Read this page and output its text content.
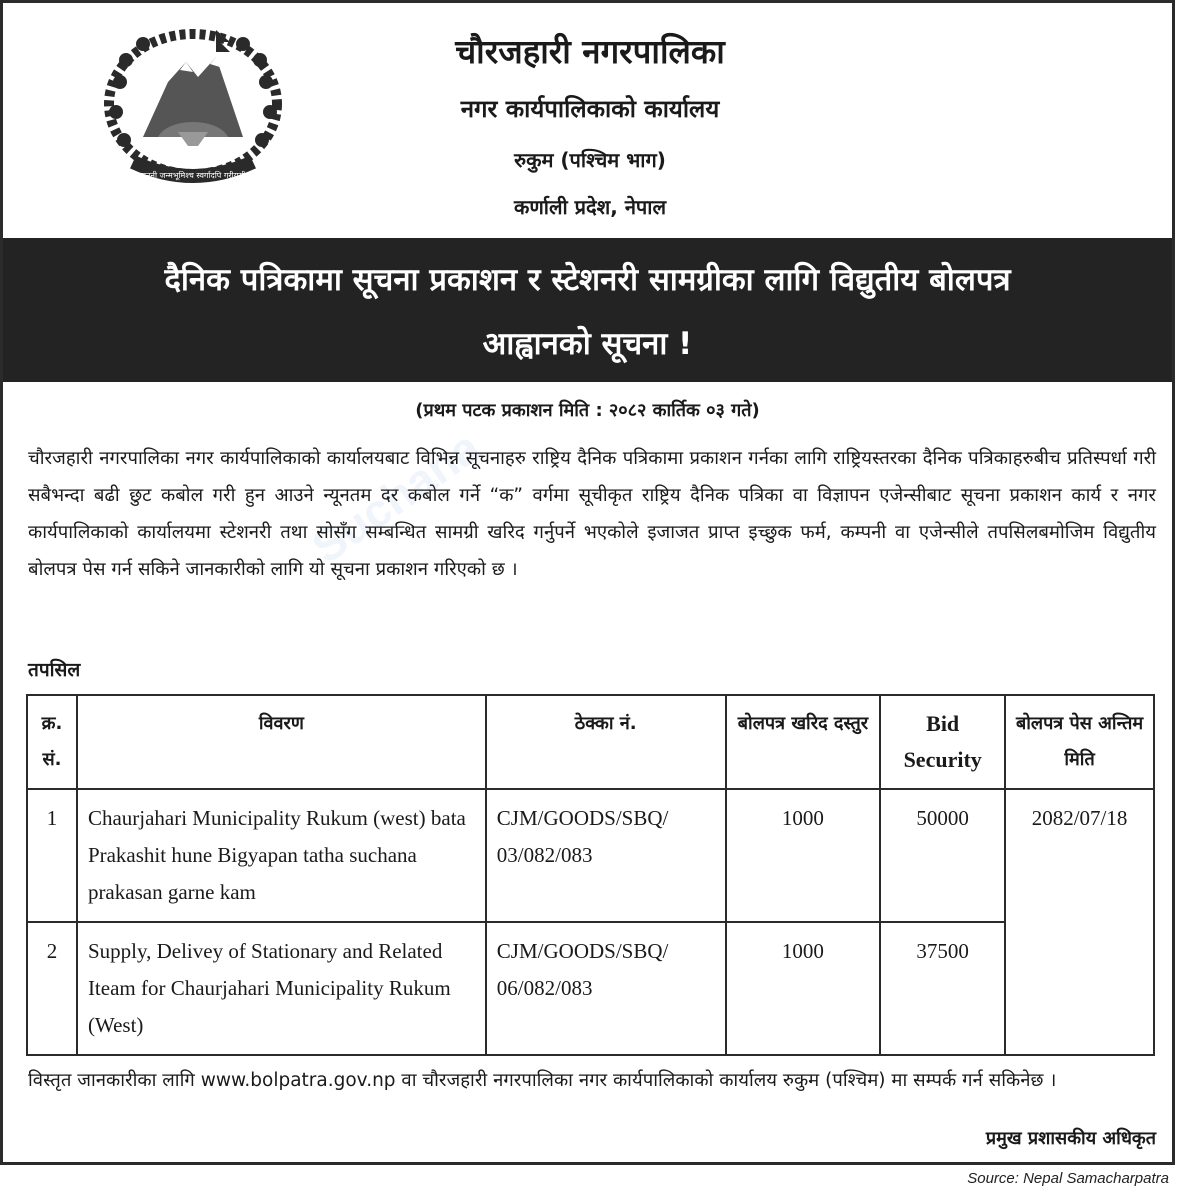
Suchana
जननी जन्मभूमिश्च स्वर्गादपि गरीयसी
चौरजहारी नगरपालिका
नगर कार्यपालिकाको कार्यालय
रुकुम (पश्चिम भाग)
कर्णाली प्रदेश, नेपाल
दैनिक पत्रिकामा सूचना प्रकाशन र स्टेशनरी सामग्रीका लागि विद्युतीय बोलपत्र
आह्वानको सूचना !
(प्रथम पटक प्रकाशन मिति : २०८२ कार्तिक ०३ गते)
चौरजहारी नगरपालिका नगर कार्यपालिकाको कार्यालयबाट विभिन्न सूचनाहरु राष्ट्रिय दैनिक पत्रिकामा प्रकाशन गर्नका लागि राष्ट्रियस्तरका दैनिक पत्रिकाहरुबीच प्रतिस्पर्धा गरी सबैभन्दा बढी छुट कबोल गरी हुन आउने न्यूनतम दर कबोल गर्ने “क” वर्गमा सूचीकृत राष्ट्रिय दैनिक पत्रिका वा विज्ञापन एजेन्सीबाट सूचना प्रकाशन कार्य र नगर कार्यपालिकाको कार्यालयमा स्टेशनरी तथा सोसँग सम्बन्धित सामग्री खरिद गर्नुपर्ने भएकोले इजाजत प्राप्त इच्छुक फर्म, कम्पनी वा एजेन्सीले तपसिलबमोजिम विद्युतीय बोलपत्र पेस गर्न सकिने जानकारीको लागि यो सूचना प्रकाशन गरिएको छ ।
तपसिल
क्र. सं.	विवरण	ठेक्का नं.	बोलपत्र खरिद दस्तुर	Bid Security	बोलपत्र पेस अन्तिम मिति
1	Chaurjahari Municipality Rukum (west) bata Prakashit hune Bigyapan tatha suchana prakasan garne kam	CJM/GOODS/SBQ/ 03/082/083	1000	50000	2082/07/18
2	Supply, Delivey of Stationary and Related Iteam for Chaurjahari Municipality Rukum (West)	CJM/GOODS/SBQ/ 06/082/083	1000	37500	
विस्तृत जानकारीका लागि www.bolpatra.gov.np वा चौरजहारी नगरपालिका नगर कार्यपालिकाको कार्यालय रुकुम (पश्चिम) मा सम्पर्क गर्न सकिनेछ ।
प्रमुख प्रशासकीय अधिकृत
Source: Nepal Samacharpatra
